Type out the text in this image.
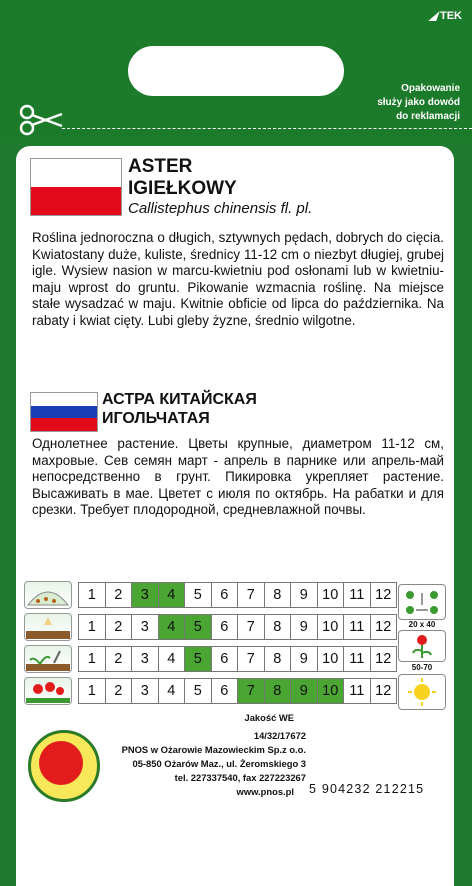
TEK
Opakowanie
służy jako dowód
do reklamacji
ASTER
IGIEŁKOWY
Callistephus chinensis fl. pl.

Roślina jednoroczna o długich, sztywnych pędach, dobrych do cięcia. Kwiatostany duże, kuliste, średnicy 11-12 cm o niezbyt długiej, grubej igle. Wysiew nasion w marcu-kwietniu pod osłonami lub w kwietniu-maju wprost do gruntu. Pikowanie wzmacnia roślinę. Na miejsce stałe wysadzać w maju. Kwitnie obficie od lipca do października. Na rabaty i kwiat cięty. Lubi gleby żyzne, średnio wilgotne.

АСТРА КИТАЙСКАЯ
ИГОЛЬЧАТАЯ

Однолетнее растение. Цветы крупные, диаметром 11-12 см, махровые. Сев семян март - апрель в парнике или апрель-май непосредственно в грунт. Пикировка укрепляет растение. Высаживать в мае. Цветет с июля по октябрь. На рабатки и для срезки. Требует плодородной, средневлажной почвы.

1	2	3	4	5	6	7	8	9 10 11 12
1	2	3	4	5	6	7	8	9 10 11 12
1	2	3	4	5	6	7	8	9 10 11 12
1	2	3	4	5	6	7	8	9 10 11 12
20 x 40
50-70
Jakość WE
14/32/17672
PNOS w Ożarowie Mazowieckim Sp.z o.o.
05-850 Ożarów Maz., ul. Żeromskiego 3
tel. 227337540, fax 227223267
www.pnos.pl 5 904232 212215
